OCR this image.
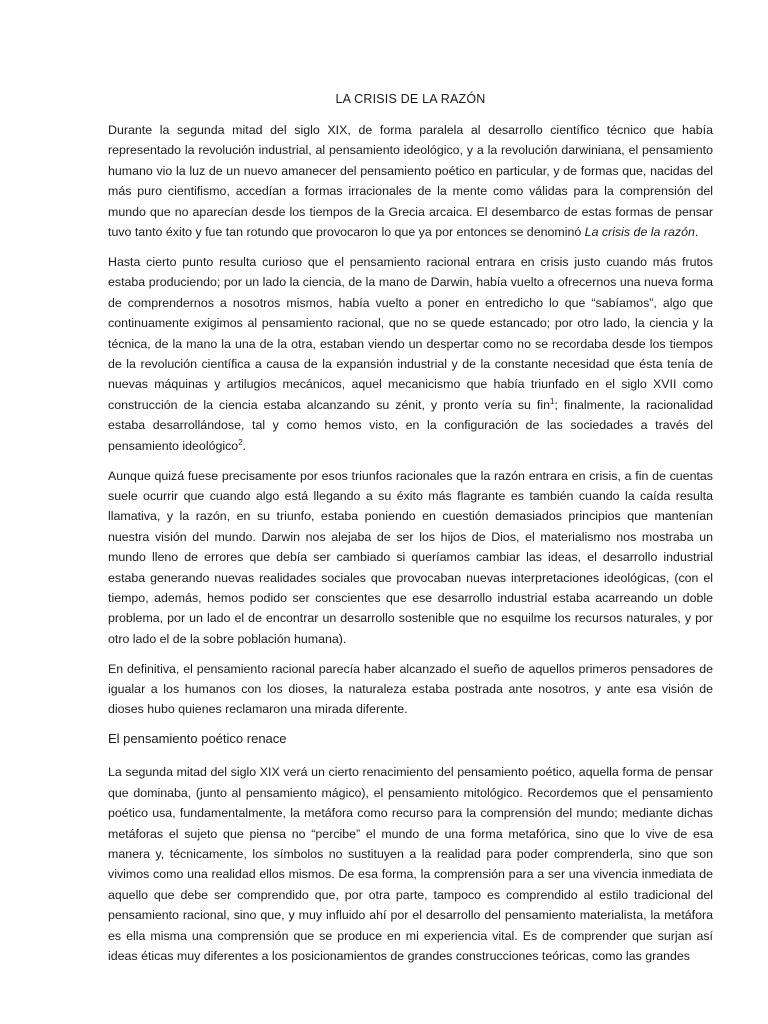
LA CRISIS DE LA RAZÓN

Durante la segunda mitad del siglo XIX, de forma paralela al desarrollo científico técnico que había representado la revolución industrial, al pensamiento ideológico, y a la revolución darwiniana, el pensamiento humano vio la luz de un nuevo amanecer del pensamiento poético en particular, y de formas que, nacidas del más puro cientifismo, accedían a formas irracionales de la mente como válidas para la comprensión del mundo que no aparecían desde los tiempos de la Grecia arcaica. El desembarco de estas formas de pensar tuvo tanto éxito y fue tan rotundo que provocaron lo que ya por entonces se denominó La crisis de la razón.

Hasta cierto punto resulta curioso que el pensamiento racional entrara en crisis justo cuando más frutos estaba produciendo; por un lado la ciencia, de la mano de Darwin, había vuelto a ofrecernos una nueva forma de comprendernos a nosotros mismos, había vuelto a poner en entredicho lo que “sabíamos”, algo que continuamente exigimos al pensamiento racional, que no se quede estancado; por otro lado, la ciencia y la técnica, de la mano la una de la otra, estaban viendo un despertar como no se recordaba desde los tiempos de la revolución científica a causa de la expansión industrial y de la constante necesidad que ésta tenía de nuevas máquinas y artilugios mecánicos, aquel mecanicismo que había triunfado en el siglo XVII como construcción de la ciencia estaba alcanzando su zénit, y pronto vería su fin$^1$; finalmente, la racionalidad estaba desarrollándose, tal y como hemos visto, en la configuración de las sociedades a través del pensamiento ideológico$^2$.

Aunque quizá fuese precisamente por esos triunfos racionales que la razón entrara en crisis, a fin de cuentas suele ocurrir que cuando algo está llegando a su éxito más flagrante es también cuando la caída resulta llamativa, y la razón, en su triunfo, estaba poniendo en cuestión demasiados principios que mantenían nuestra visión del mundo. Darwin nos alejaba de ser los hijos de Dios, el materialismo nos mostraba un mundo lleno de errores que debía ser cambiado si queríamos cambiar las ideas, el desarrollo industrial estaba generando nuevas realidades sociales que provocaban nuevas interpretaciones ideológicas, (con el tiempo, además, hemos podido ser conscientes que ese desarrollo industrial estaba acarreando un doble problema, por un lado el de encontrar un desarrollo sostenible que no esquilme los recursos naturales, y por otro lado el de la sobre población humana).

En definitiva, el pensamiento racional parecía haber alcanzado el sueño de aquellos primeros pensadores de igualar a los humanos con los dioses, la naturaleza estaba postrada ante nosotros, y ante esa visión de dioses hubo quienes reclamaron una mirada diferente.

El pensamiento poético renace

La segunda mitad del siglo XIX verá un cierto renacimiento del pensamiento poético, aquella forma de pensar que dominaba, (junto al pensamiento mágico), el pensamiento mitológico. Recordemos que el pensamiento poético usa, fundamentalmente, la metáfora como recurso para la comprensión del mundo; mediante dichas metáforas el sujeto que piensa no “percibe” el mundo de una forma metafórica, sino que lo vive de esa manera y, técnicamente, los símbolos no sustituyen a la realidad para poder comprenderla, sino que son vivimos como una realidad ellos mismos. De esa forma, la comprensión para a ser una vivencia inmediata de aquello que debe ser comprendido que, por otra parte, tampoco es comprendido al estilo tradicional del pensamiento racional, sino que, y muy influido ahí por el desarrollo del pensamiento materialista, la metáfora es ella misma una comprensión que se produce en mi experiencia vital. Es de comprender que surjan así ideas éticas muy diferentes a los posicionamientos de grandes construcciones teóricas, como las grandes
